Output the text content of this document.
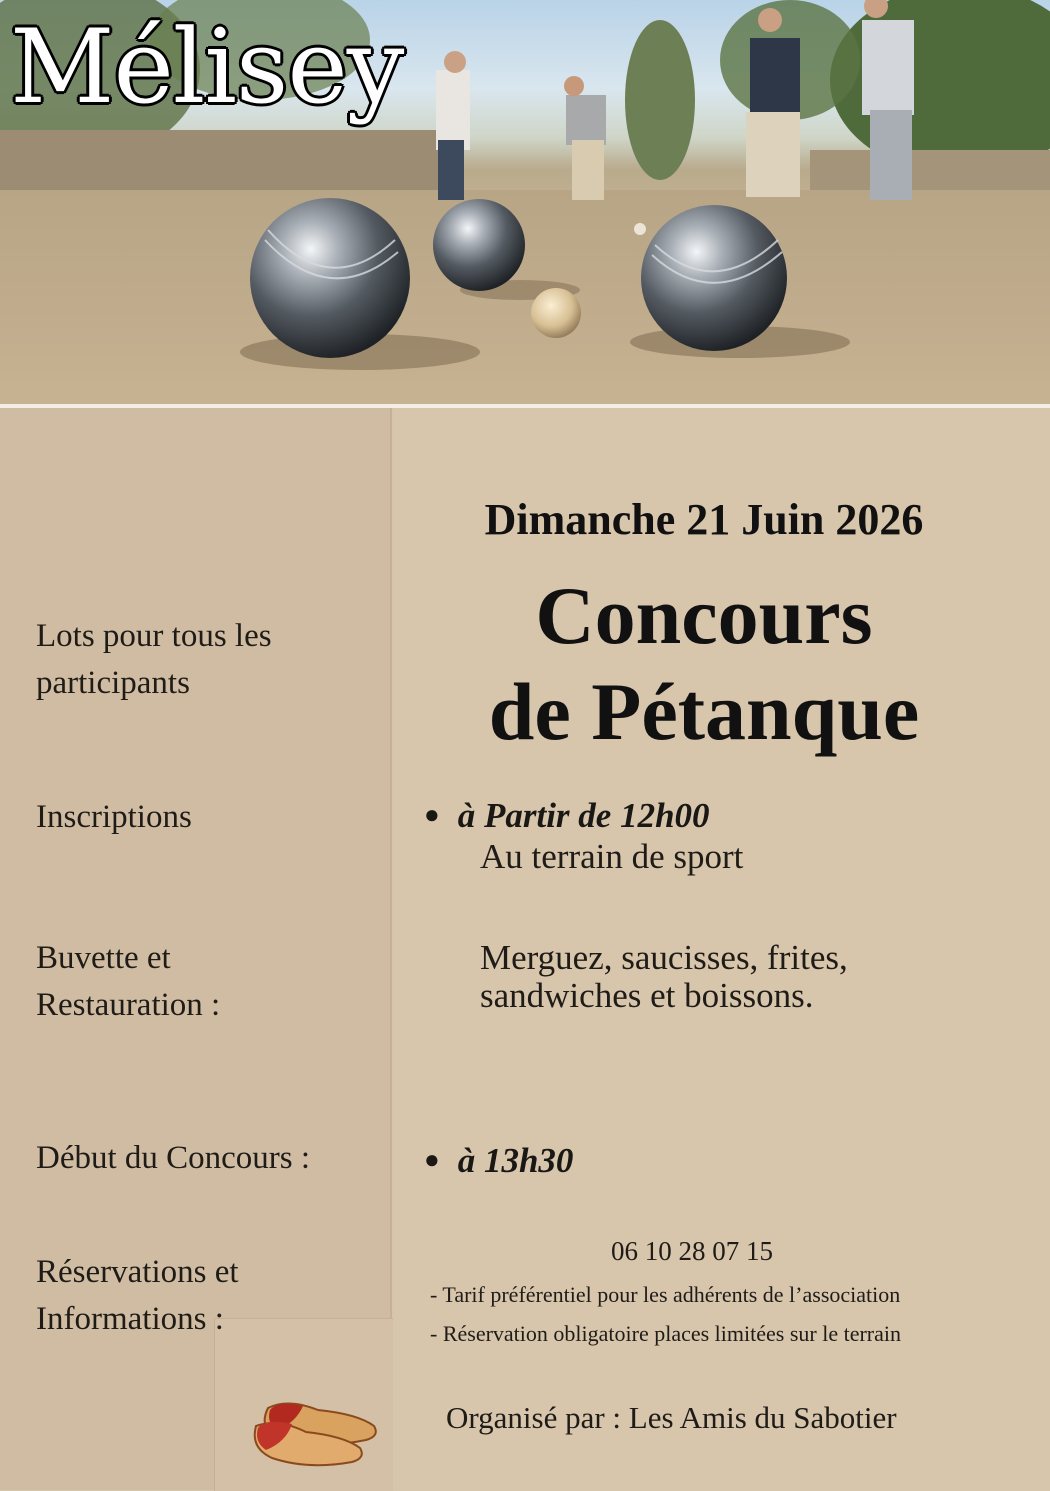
Mélisey
Dimanche 21 Juin 2026
Concours
de Pétanque
Lots pour tous les participants
Inscriptions
Buvette et
Restauration :
Début du Concours :
Réservations et
Informations :
● à Partir de 12h00
Au terrain de sport
Merguez, saucisses, frites,
sandwiches et boissons.
● à 13h30
06 10 28 07 15
- Tarif préférentiel pour les adhérents de l’association
- Réservation obligatoire places limitées sur le terrain
Organisé par : Les Amis du Sabotier
